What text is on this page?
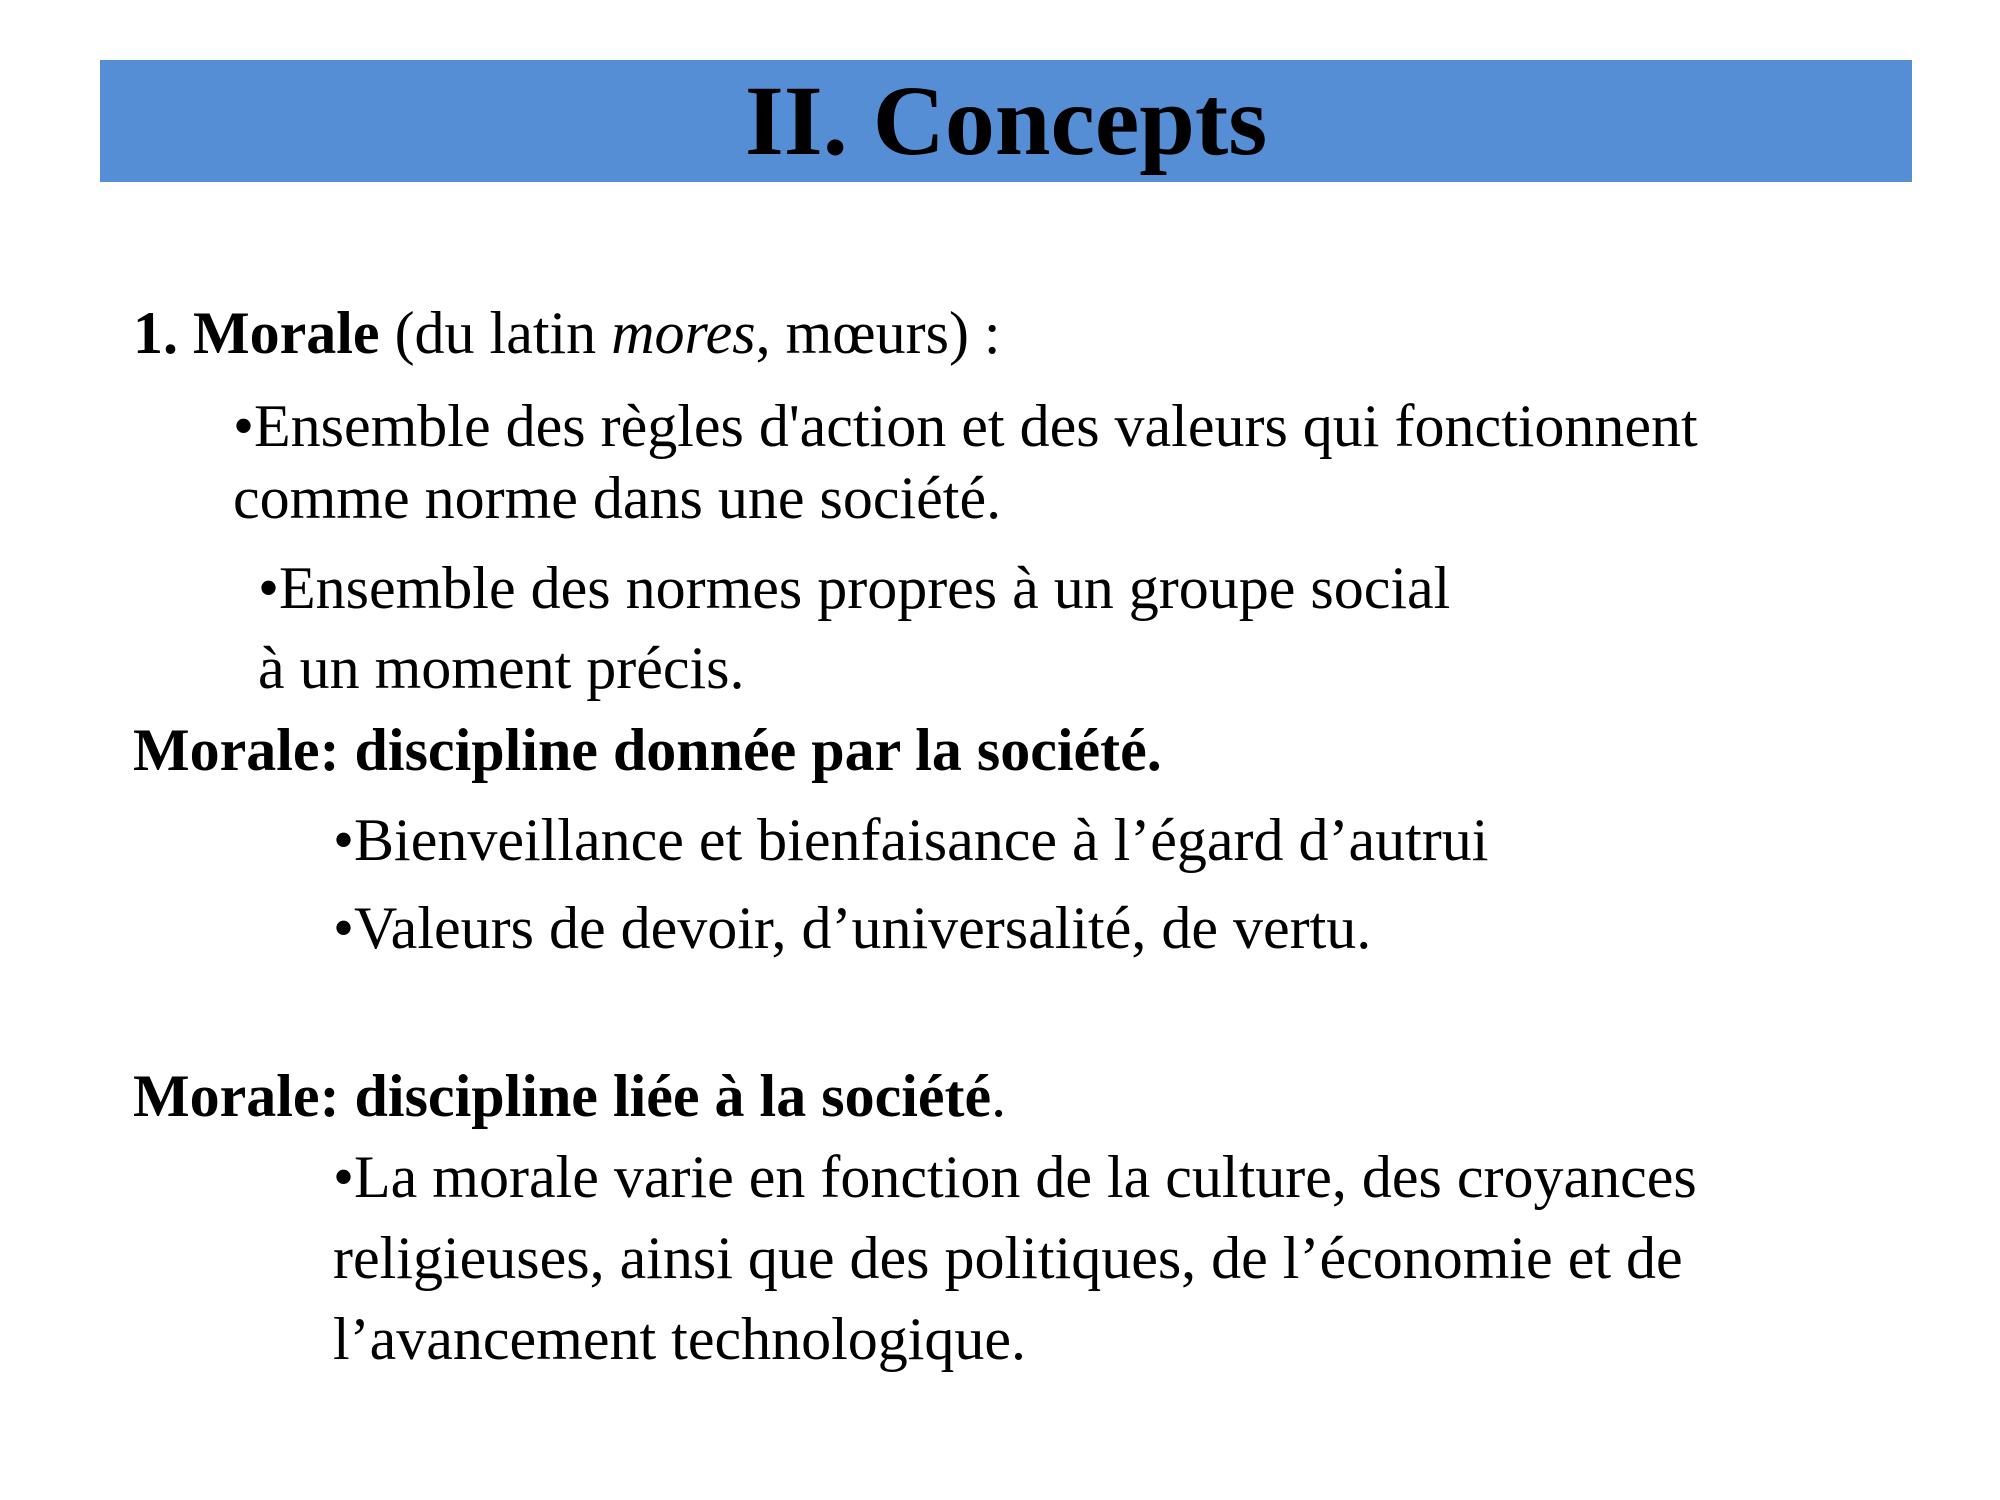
II. Concepts
1. Morale (du latin mores, mœurs) :
•Ensemble des règles d'action et des valeurs qui fonctionnent
comme norme dans une société.
•Ensemble des normes propres à un groupe social
à un moment précis.
Morale: discipline donnée par la société.
•Bienveillance et bienfaisance à l’égard d’autrui
•Valeurs de devoir, d’universalité, de vertu.
Morale: discipline liée à la société.
•La morale varie en fonction de la culture, des croyances
religieuses, ainsi que des politiques, de l’économie et de
l’avancement technologique.
